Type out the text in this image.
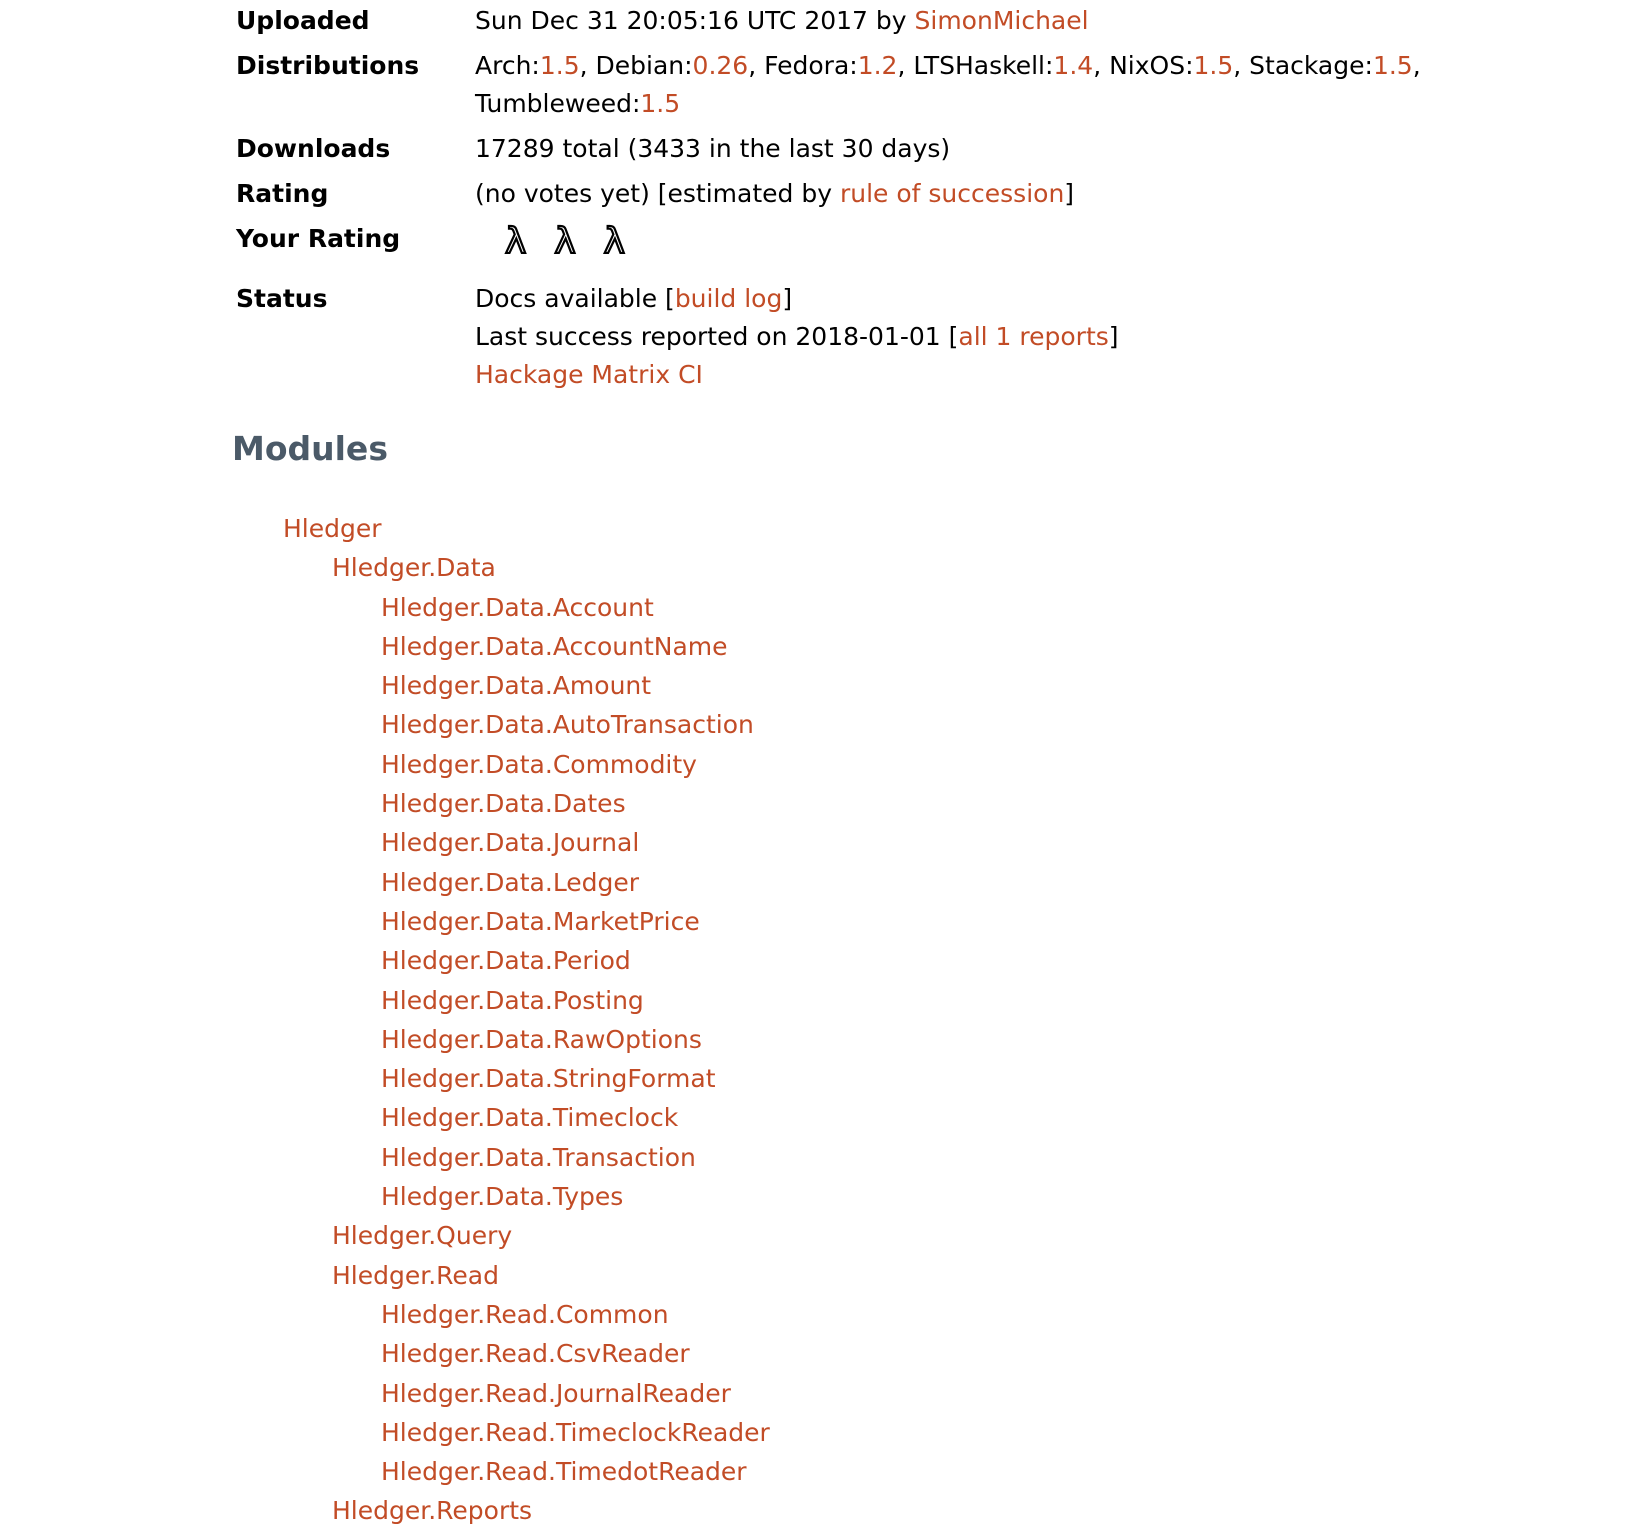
Uploaded	Sun Dec 31 20:05:16 UTC 2017 by SimonMichael
Distributions	Arch:1.5, Debian:0.26, Fedora:1.2, LTSHaskell:1.4, NixOS:1.5, Stackage:1.5,
Tumbleweed:1.5
Downloads	17289 total (3433 in the last 30 days)
Rating	(no votes yet) [estimated by rule of succession]
Your Rating	λ λ λ
Status	Docs available [build log]
Last success reported on 2018-01-01 [all 1 reports]
Hackage Matrix CI
Modules
Hledger
Hledger.Data
Hledger.Data.Account
Hledger.Data.AccountName
Hledger.Data.Amount
Hledger.Data.AutoTransaction
Hledger.Data.Commodity
Hledger.Data.Dates
Hledger.Data.Journal
Hledger.Data.Ledger
Hledger.Data.MarketPrice
Hledger.Data.Period
Hledger.Data.Posting
Hledger.Data.RawOptions
Hledger.Data.StringFormat
Hledger.Data.Timeclock
Hledger.Data.Transaction
Hledger.Data.Types
Hledger.Query
Hledger.Read
Hledger.Read.Common
Hledger.Read.CsvReader
Hledger.Read.JournalReader
Hledger.Read.TimeclockReader
Hledger.Read.TimedotReader
Hledger.Reports
